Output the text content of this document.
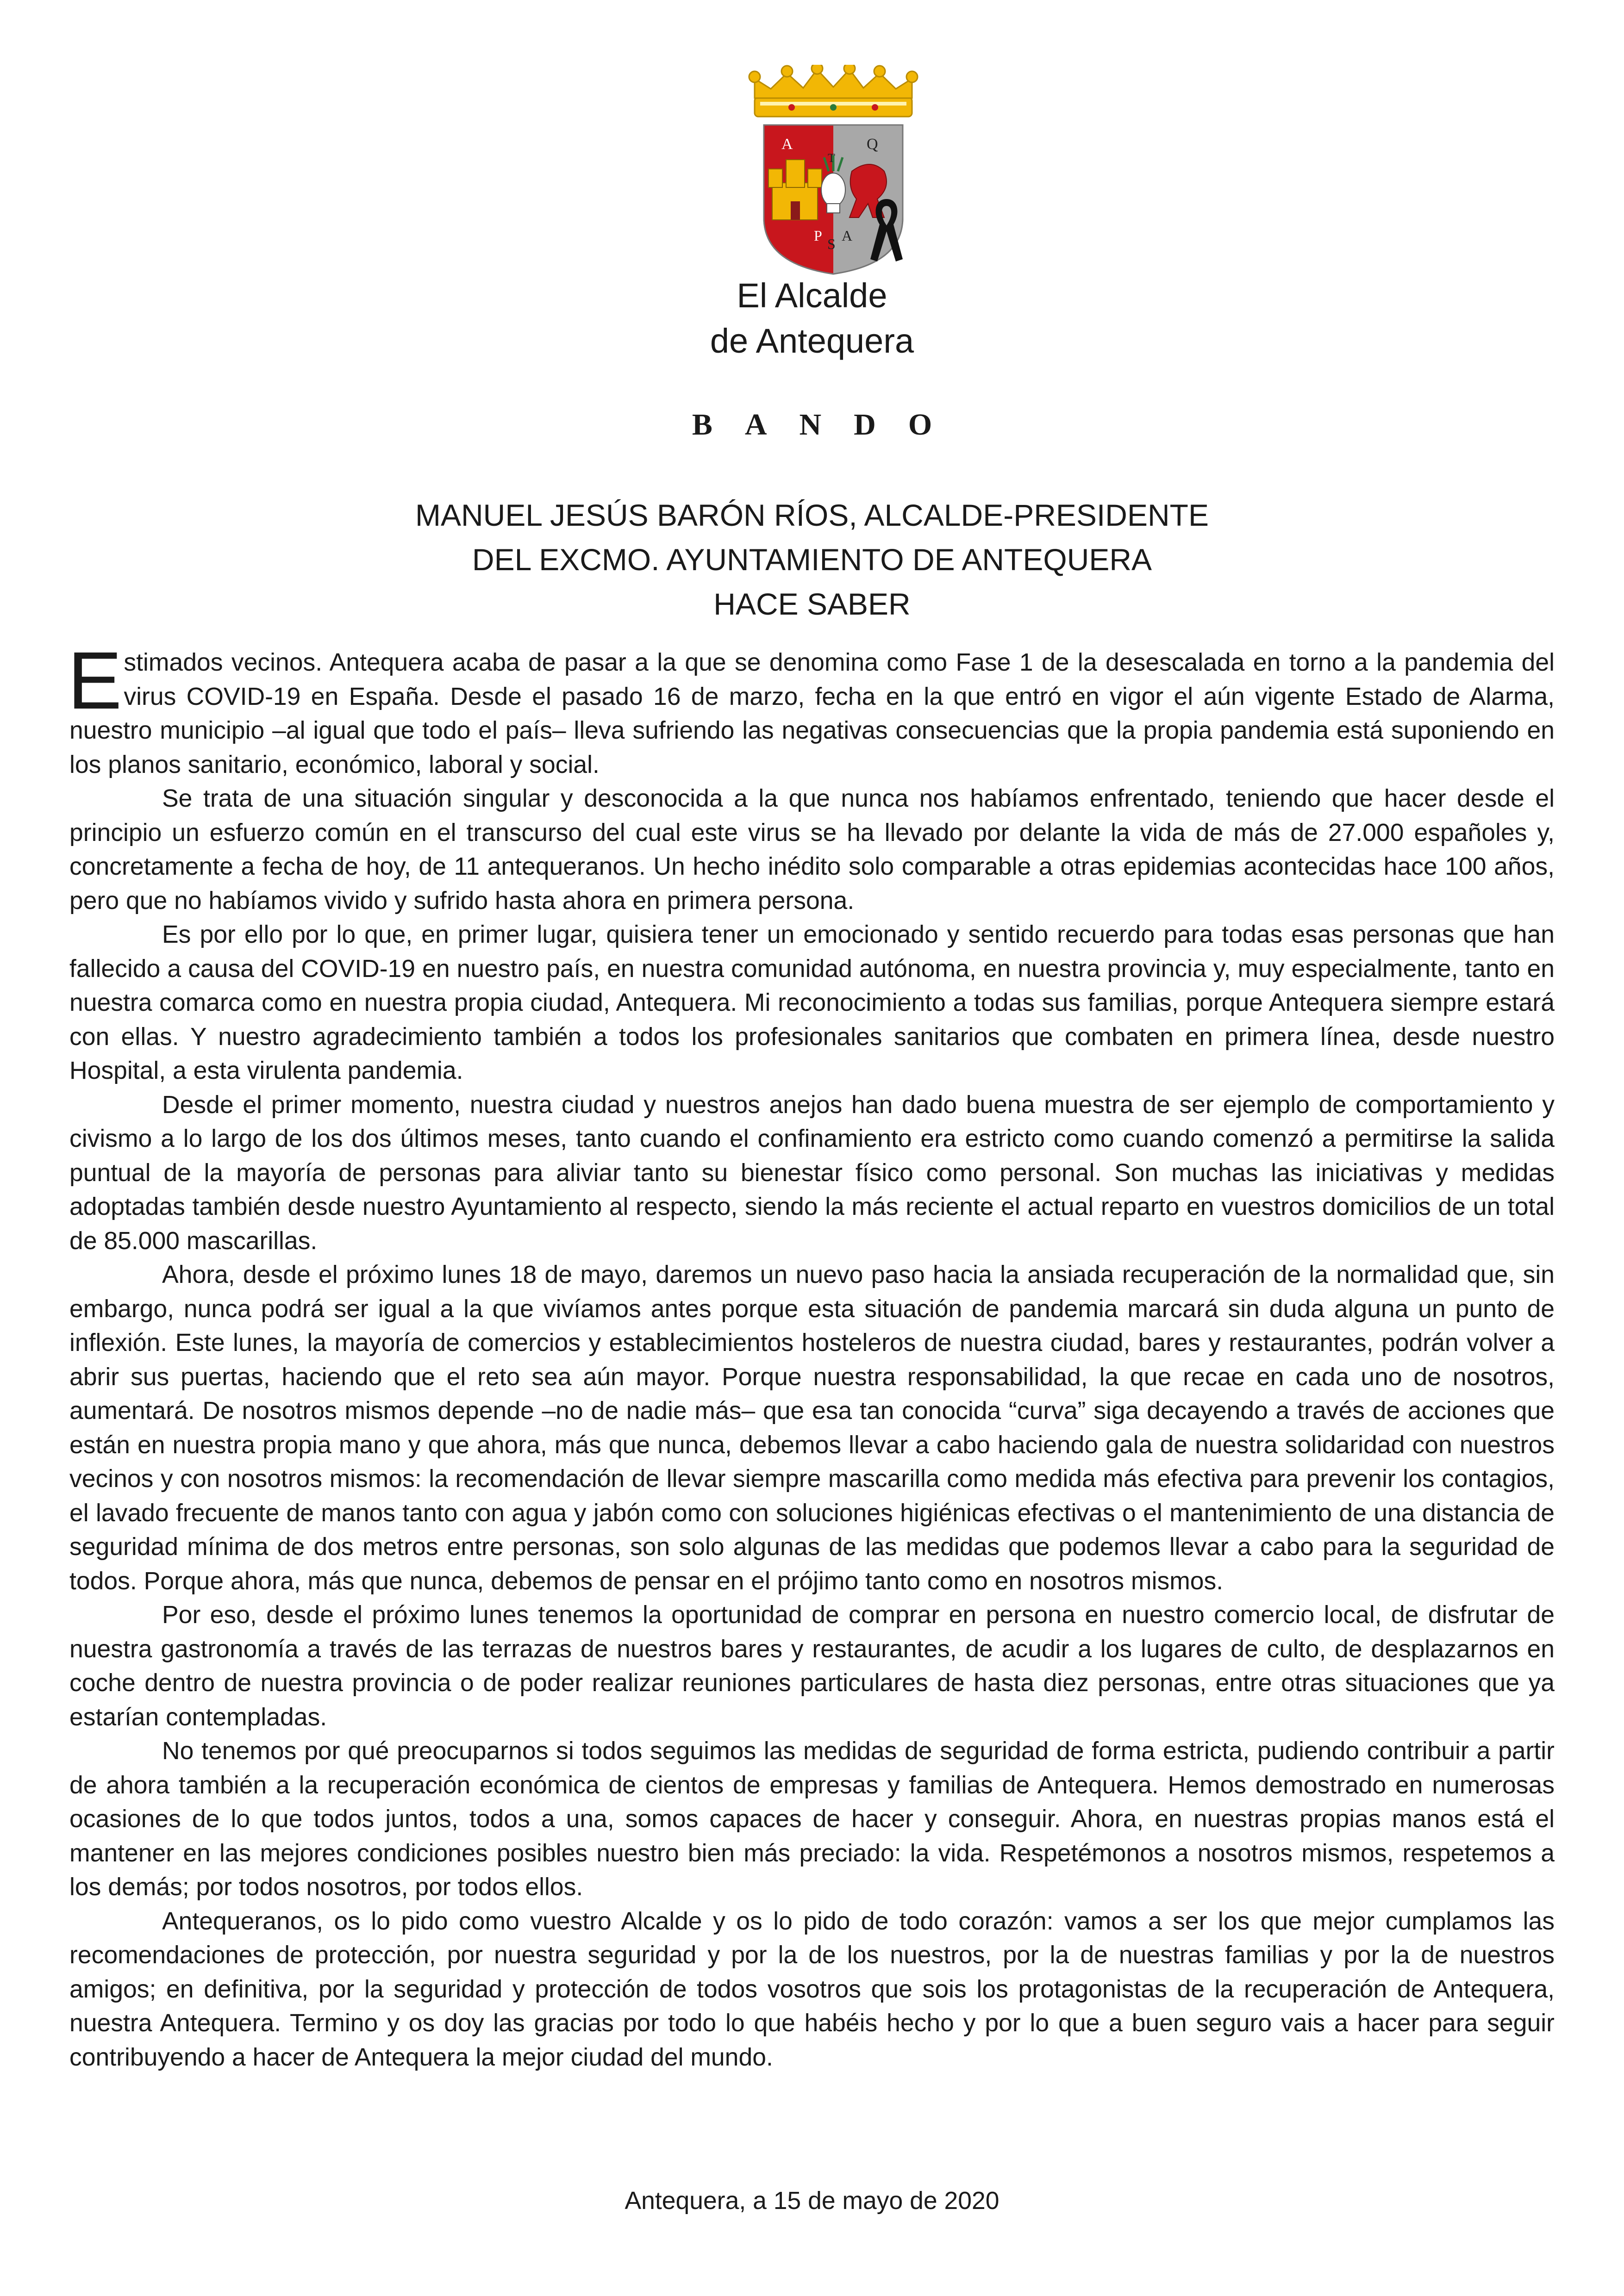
A	Q
T
P S A
El Alcalde
de Antequera
BANDO
MANUEL JESÚS BARÓN RÍOS, ALCALDE-PRESIDENTE
DEL EXCMO. AYUNTAMIENTO DE ANTEQUERA
HACE SABER

Estimados vecinos. Antequera acaba de pasar a la que se denomina como Fase 1 de la desescalada en torno a la pandemia del virus COVID-19 en España. Desde el pasado 16 de marzo, fecha en la que entró en vigor el aún vigente Estado de Alarma, nuestro municipio –al igual que todo el país– lleva sufriendo las negativas consecuencias que la propia pandemia está suponiendo en los planos sanitario, económico, laboral y social.

Se trata de una situación singular y desconocida a la que nunca nos habíamos enfrentado, teniendo que hacer desde el principio un esfuerzo común en el transcurso del cual este virus se ha llevado por delante la vida de más de 27.000 españoles y, concretamente a fecha de hoy, de 11 antequeranos. Un hecho inédito solo comparable a otras epidemias acontecidas hace 100 años, pero que no habíamos vivido y sufrido hasta ahora en primera persona.

Es por ello por lo que, en primer lugar, quisiera tener un emocionado y sentido recuerdo para todas esas personas que han fallecido a causa del COVID-19 en nuestro país, en nuestra comunidad autónoma, en nuestra provincia y, muy especialmente, tanto en nuestra comarca como en nuestra propia ciudad, Antequera. Mi reconocimiento a todas sus familias, porque Antequera siempre estará con ellas. Y nuestro agradecimiento también a todos los profesionales sanitarios que combaten en primera línea, desde nuestro Hospital, a esta virulenta pandemia.

Desde el primer momento, nuestra ciudad y nuestros anejos han dado buena muestra de ser ejemplo de comportamiento y civismo a lo largo de los dos últimos meses, tanto cuando el confinamiento era estricto como cuando comenzó a permitirse la salida puntual de la mayoría de personas para aliviar tanto su bienestar físico como personal. Son muchas las iniciativas y medidas adoptadas también desde nuestro Ayuntamiento al respecto, siendo la más reciente el actual reparto en vuestros domicilios de un total de 85.000 mascarillas.

Ahora, desde el próximo lunes 18 de mayo, daremos un nuevo paso hacia la ansiada recuperación de la normalidad que, sin embargo, nunca podrá ser igual a la que vivíamos antes porque esta situación de pandemia marcará sin duda alguna un punto de inflexión. Este lunes, la mayoría de comercios y establecimientos hosteleros de nuestra ciudad, bares y restaurantes, podrán volver a abrir sus puertas, haciendo que el reto sea aún mayor. Porque nuestra responsabilidad, la que recae en cada uno de nosotros, aumentará. De nosotros mismos depende –no de nadie más– que esa tan conocida “curva” siga decayendo a través de acciones que están en nuestra propia mano y que ahora, más que nunca, debemos llevar a cabo haciendo gala de nuestra solidaridad con nuestros vecinos y con nosotros mismos: la recomendación de llevar siempre mascarilla como medida más efectiva para prevenir los contagios, el lavado frecuente de manos tanto con agua y jabón como con soluciones higiénicas efectivas o el mantenimiento de una distancia de seguridad mínima de dos metros entre personas, son solo algunas de las medidas que podemos llevar a cabo para la seguridad de todos. Porque ahora, más que nunca, debemos de pensar en el prójimo tanto como en nosotros mismos.

Por eso, desde el próximo lunes tenemos la oportunidad de comprar en persona en nuestro comercio local, de disfrutar de nuestra gastronomía a través de las terrazas de nuestros bares y restaurantes, de acudir a los lugares de culto, de desplazarnos en coche dentro de nuestra provincia o de poder realizar reuniones particulares de hasta diez personas, entre otras situaciones que ya estarían contempladas.

No tenemos por qué preocuparnos si todos seguimos las medidas de seguridad de forma estricta, pudiendo contribuir a partir de ahora también a la recuperación económica de cientos de empresas y familias de Antequera. Hemos demostrado en numerosas ocasiones de lo que todos juntos, todos a una, somos capaces de hacer y conseguir. Ahora, en nuestras propias manos está el mantener en las mejores condiciones posibles nuestro bien más preciado: la vida. Respetémonos a nosotros mismos, respetemos a los demás; por todos nosotros, por todos ellos.

Antequeranos, os lo pido como vuestro Alcalde y os lo pido de todo corazón: vamos a ser los que mejor cumplamos las recomendaciones de protección, por nuestra seguridad y por la de los nuestros, por la de nuestras familias y por la de nuestros amigos; en definitiva, por la seguridad y protección de todos vosotros que sois los protagonistas de la recuperación de Antequera, nuestra Antequera. Termino y os doy las gracias por todo lo que habéis hecho y por lo que a buen seguro vais a hacer para seguir contribuyendo a hacer de Antequera la mejor ciudad del mundo.

Antequera, a 15 de mayo de 2020
